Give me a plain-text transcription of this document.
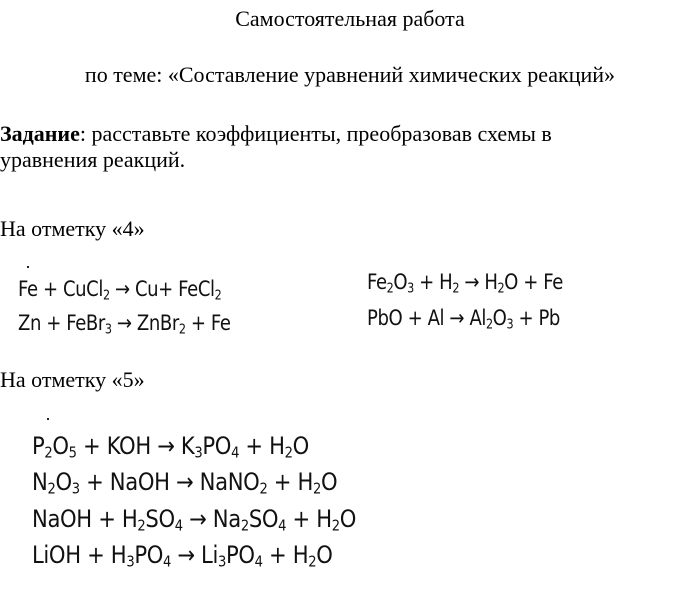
Самостоятельная работа
по теме: «Составление уравнений химических реакций»

Задание: расставьте коэффициенты, преобразовав схемы в уравнения реакций.

На отметку «4»
Fe + CuCl$_2$ → Cu+ FeCl$_2$
Zn + FeBr$_3$ → ZnBr$_2$ + Fe
$Fe_2O_3 + H_2 \to H_2O + Fe$
PbO + $Al \to Al_2O_3 + Pb$
На отметку «5»
$P_2O_5$ + KOH → $K_3PO_4 + H_2O$
$N_2O_3$ + NaOH → NaNO$_2$ + $H_2O$
NaOH + $H_2SO_4 \to Na_2SO_4 + H_2O$
LiOH + $H_3PO_4 \to Li_3PO_4 + H_2O$
